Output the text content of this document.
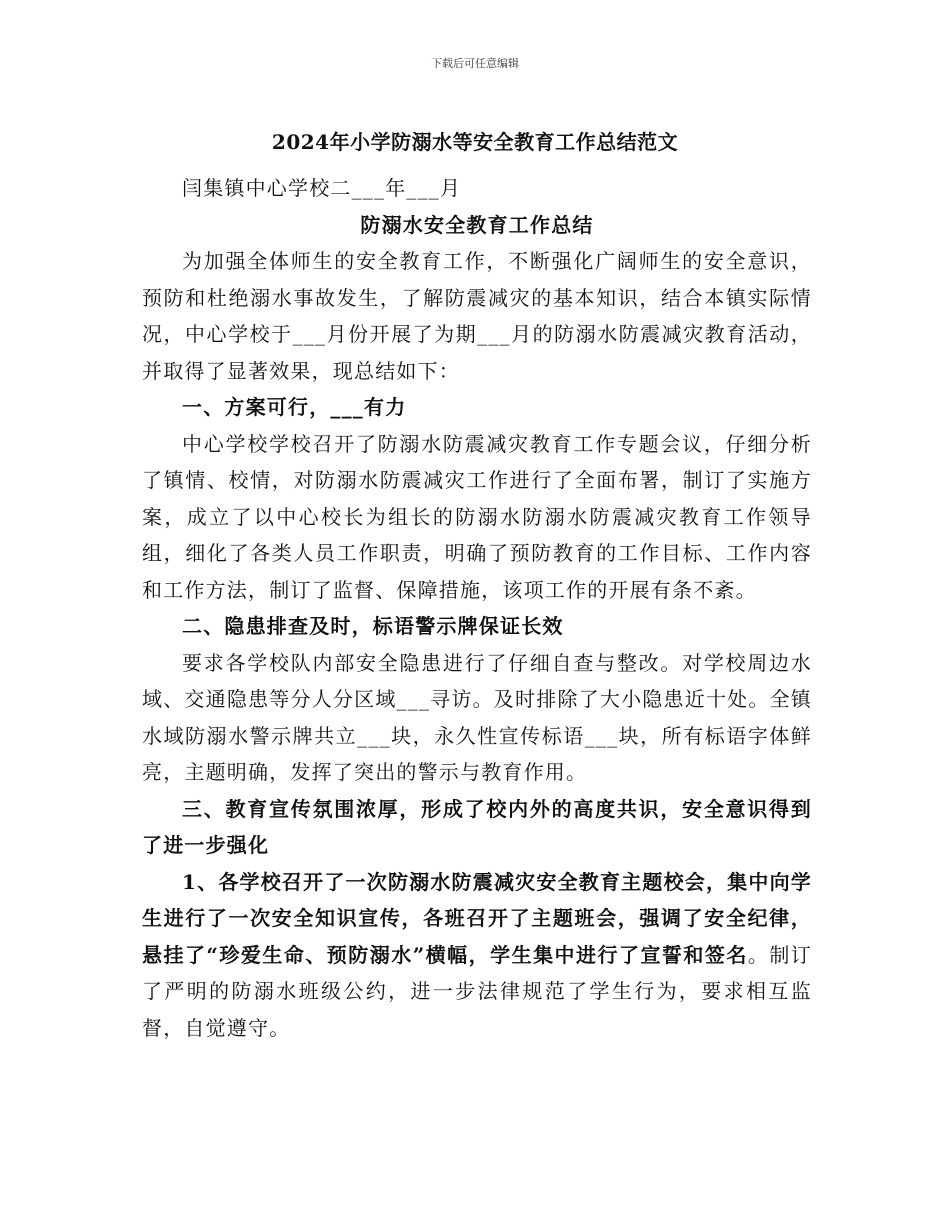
下载后可任意编辑
2024年小学防溺水等安全教育工作总结范文

闫集镇中心学校二___年___月

防溺水安全教育工作总结

为加强全体师生的安全教育工作，不断强化广阔师生的安全意识，预防和杜绝溺水事故发生，了解防震减灾的基本知识，结合本镇实际情况，中心学校于___月份开展了为期___月的防溺水防震减灾教育活动，并取得了显著效果，现总结如下：

一、方案可行，___有力

中心学校学校召开了防溺水防震减灾教育工作专题会议，仔细分析了镇情、校情，对防溺水防震减灾工作进行了全面布署，制订了实施方案，成立了以中心校长为组长的防溺水防溺水防震减灾教育工作领导组，细化了各类人员工作职责，明确了预防教育的工作目标、工作内容和工作方法，制订了监督、保障措施，该项工作的开展有条不紊。

二、隐患排查及时，标语警示牌保证长效

要求各学校队内部安全隐患进行了仔细自查与整改。对学校周边水域、交通隐患等分人分区域___寻访。及时排除了大小隐患近十处。全镇水域防溺水警示牌共立___块，永久性宣传标语___块，所有标语字体鲜亮，主题明确，发挥了突出的警示与教育作用。

三、教育宣传氛围浓厚，形成了校内外的高度共识，安全意识得到了进一步强化

1、各学校召开了一次防溺水防震减灾安全教育主题校会，集中向学生进行了一次安全知识宣传，各班召开了主题班会，强调了安全纪律，悬挂了“珍爱生命、预防溺水”横幅，学生集中进行了宣誓和签名。制订了严明的防溺水班级公约，进一步法律规范了学生行为，要求相互监督，自觉遵守。
